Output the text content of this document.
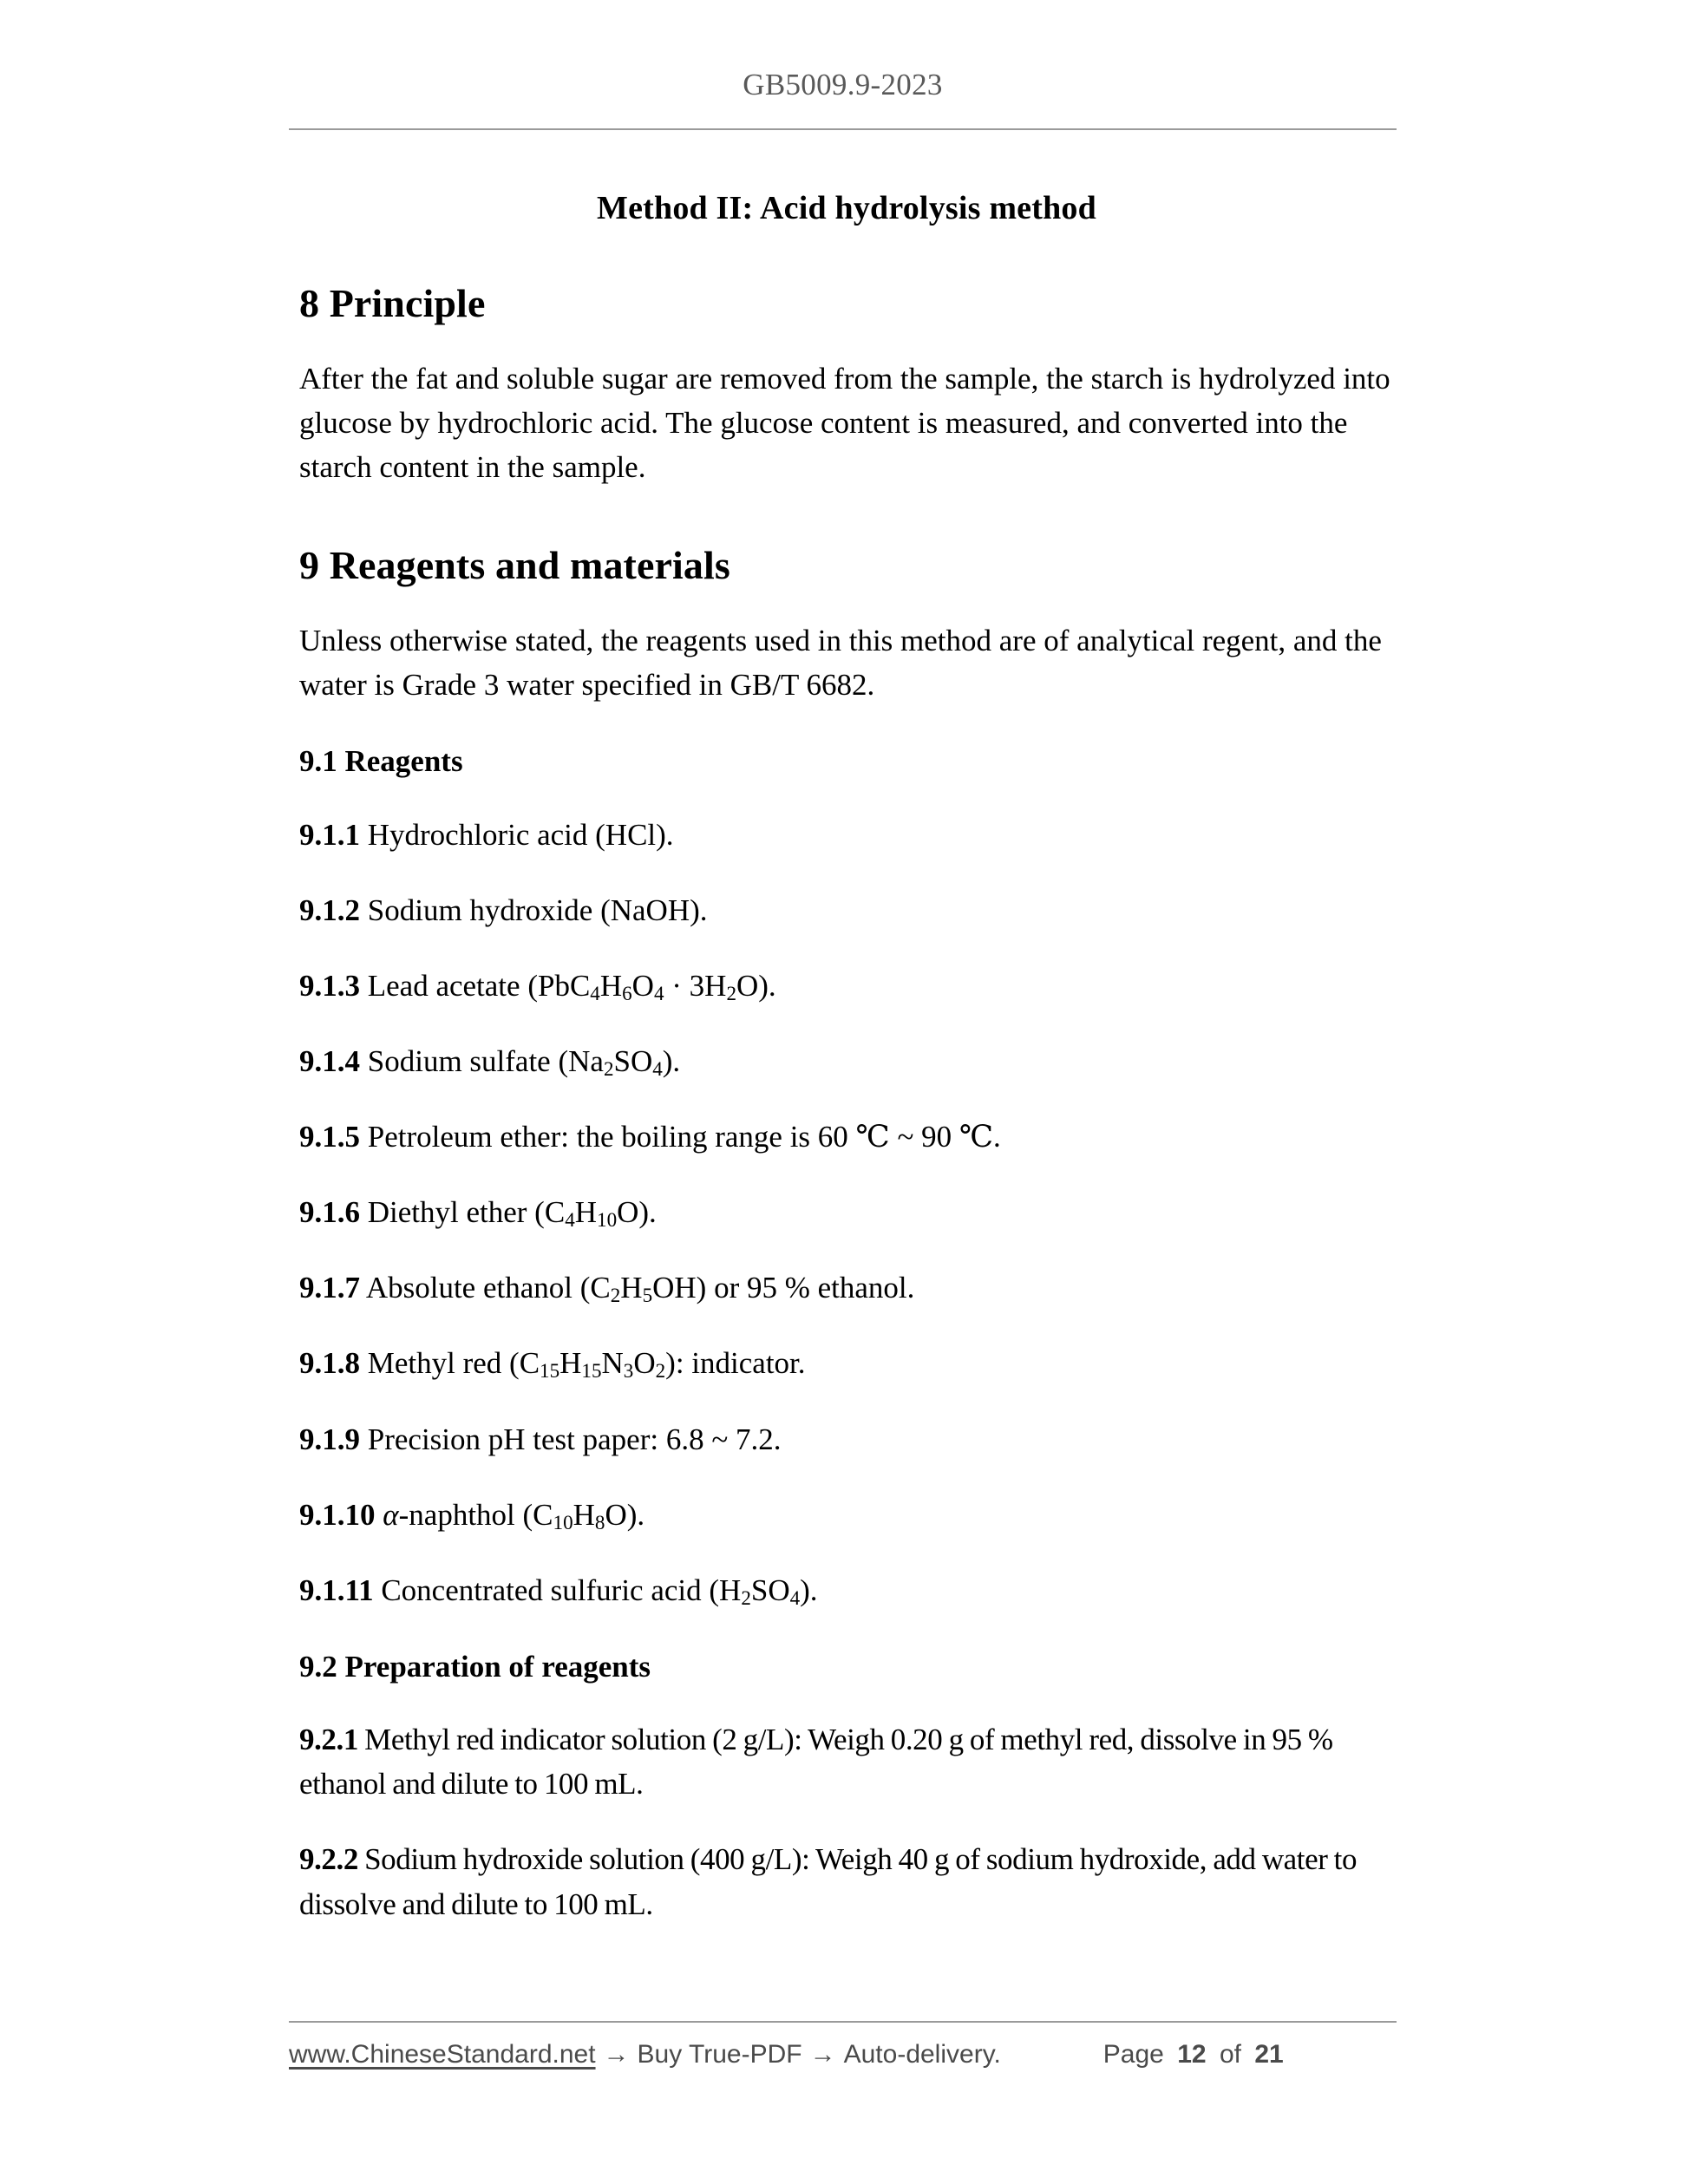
GB5009.9-2023
Method II: Acid hydrolysis method
8 Principle

After the fat and soluble sugar are removed from the sample, the starch is hydrolyzed into glucose by hydrochloric acid. The glucose content is measured, and converted into the starch content in the sample.

9 Reagents and materials

Unless otherwise stated, the reagents used in this method are of analytical regent, and the water is Grade 3 water specified in GB/T 6682.

9.1 Reagents

9.1.1 Hydrochloric acid (HCl).

9.1.2 Sodium hydroxide (NaOH).

9.1.3 Lead acetate $(PbC_4H_6O_4 \cdot 3H_2O)$.

9.1.4 Sodium sulfate $(Na_2SO_4)$.

9.1.5 Petroleum ether: the boiling range is 60 ℃ ~ 90 ℃.

9.1.6 Diethyl ether $(C_4H_{10}O)$.

9.1.7 Absolute ethanol $(C_2H_5OH)$ or 95 % ethanol.

9.1.8 Methyl red $(C_{15}H_{15}N_3O_2)$: indicator.

9.1.9 Precision pH test paper: 6.8 ~ 7.2.

9.1.10 α-naphthol $(C_{10}H_8O)$.

9.1.11 Concentrated sulfuric acid $(H_2SO_4)$.

9.2 Preparation of reagents

9.2.1 Methyl red indicator solution (2 g/L): Weigh 0.20 g of methyl red, dissolve in 95 % ethanol and dilute to 100 mL.

9.2.2 Sodium hydroxide solution (400 g/L): Weigh 40 g of sodium hydroxide, add water to dissolve and dilute to 100 mL.

www.ChineseStandard.net → Buy True-PDF → Auto-delivery.	Page 12 of 21
